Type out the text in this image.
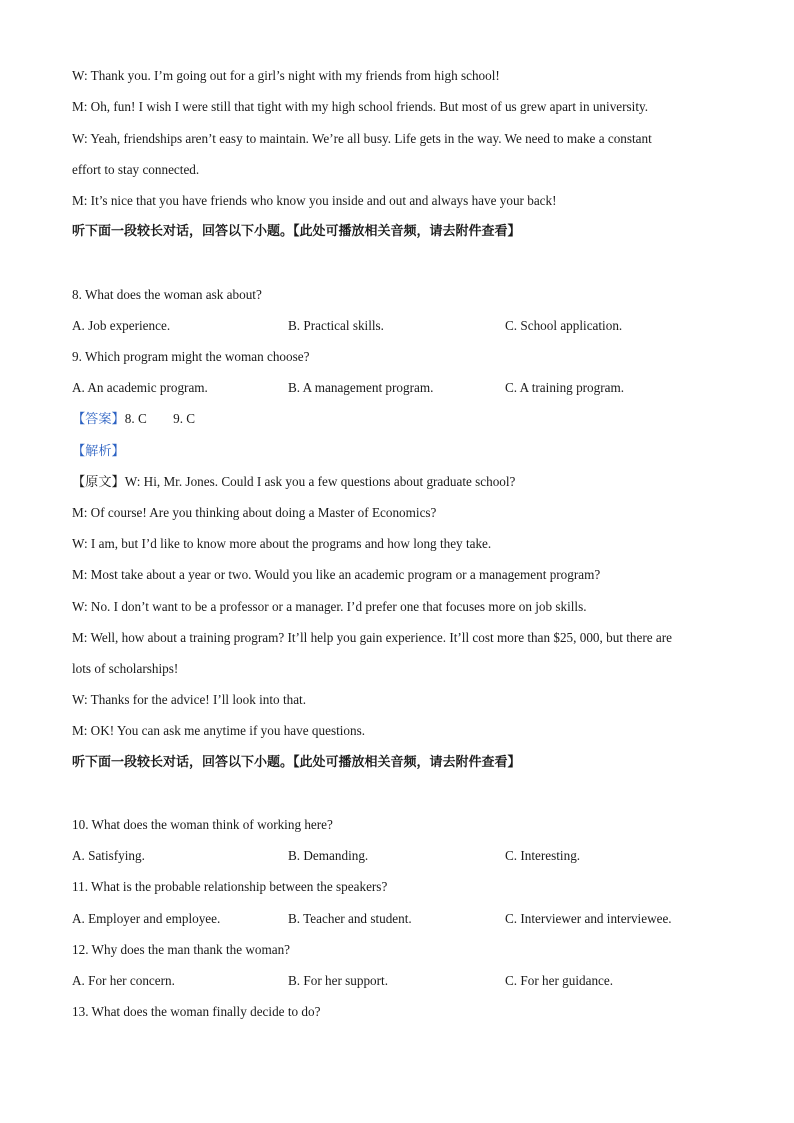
W: Thank you. I’m going out for a girl’s night with my friends from high school!
M: Oh, fun! I wish I were still that tight with my high school friends. But most of us grew apart in university.
W: Yeah, friendships aren’t easy to maintain. We’re all busy. Life gets in the way. We need to make a constant
effort to stay connected.
M: It’s nice that you have friends who know you inside and out and always have your back!
听下面一段较长对话，回答以下小题。【此处可播放相关音频，请去附件查看】
8. What does the woman ask about?
A. Job experience.	B. Practical skills.	C. School application.
9. Which program might the woman choose?
A. An academic program.	B. A management program.	C. A training program.
【答案】8. C        9. C
【解析】
【原文】W: Hi, Mr. Jones. Could I ask you a few questions about graduate school?
M: Of course! Are you thinking about doing a Master of Economics?
W: I am, but I’d like to know more about the programs and how long they take.
M: Most take about a year or two. Would you like an academic program or a management program?
W: No. I don’t want to be a professor or a manager. I’d prefer one that focuses more on job skills.
M: Well, how about a training program? It’ll help you gain experience. It’ll cost more than $25, 000, but there are
lots of scholarships!
W: Thanks for the advice! I’ll look into that.
M: OK! You can ask me anytime if you have questions.
听下面一段较长对话，回答以下小题。【此处可播放相关音频，请去附件查看】
10. What does the woman think of working here?
A. Satisfying.	B. Demanding.	C. Interesting.
11. What is the probable relationship between the speakers?
A. Employer and employee.	B. Teacher and student.	C. Interviewer and interviewee.
12. Why does the man thank the woman?
A. For her concern.	B. For her support.	C. For her guidance.
13. What does the woman finally decide to do?
